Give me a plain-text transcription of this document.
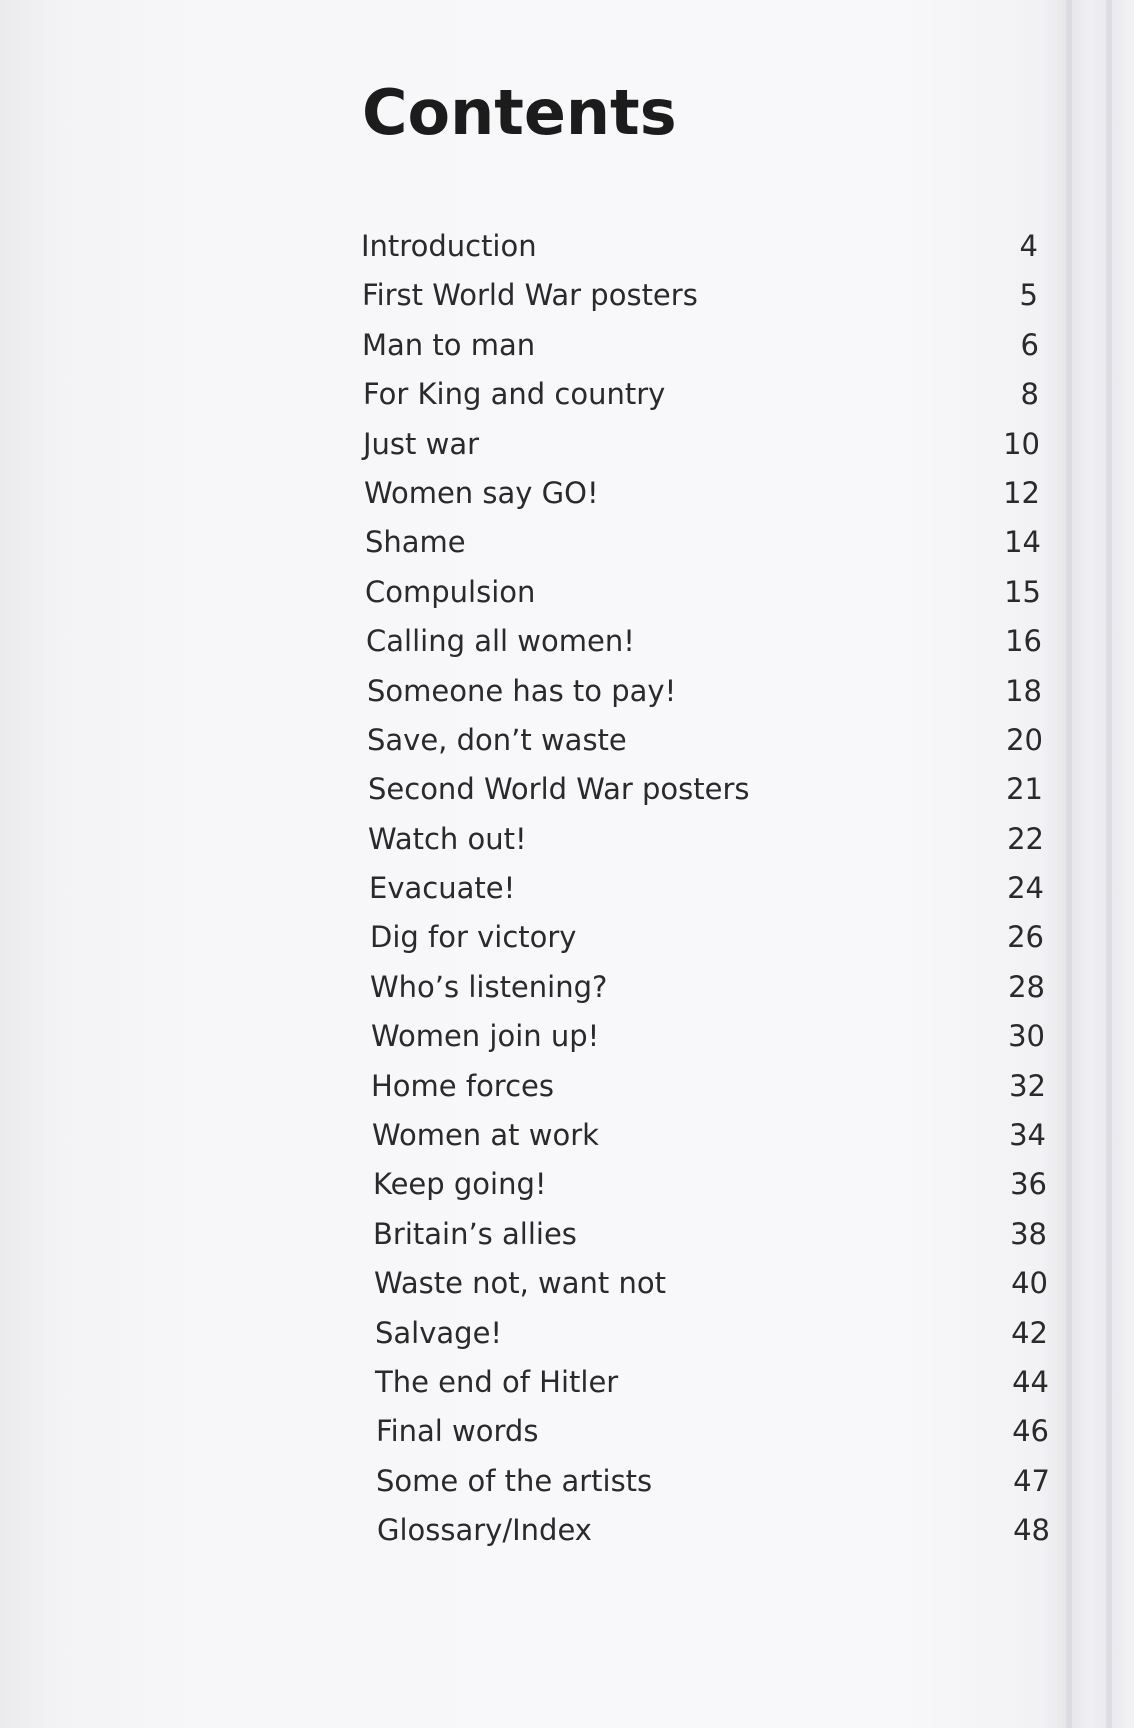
Contents
Introduction	4
First World War posters	5
Man to man	6
For King and country	8
Just war	10
Women say GO!	12
Shame	14
Compulsion	15
Calling all women!	16
Someone has to pay!	18
Save, don’t waste	20
Second World War posters	21
Watch out!	22
Evacuate!	24
Dig for victory	26
Who’s listening?	28
Women join up!	30
Home forces	32
Women at work	34
Keep going!	36
Britain’s allies	38
Waste not, want not	40
Salvage!	42
The end of Hitler	44
Final words	46
Some of the artists	47
Glossary/Index	48
